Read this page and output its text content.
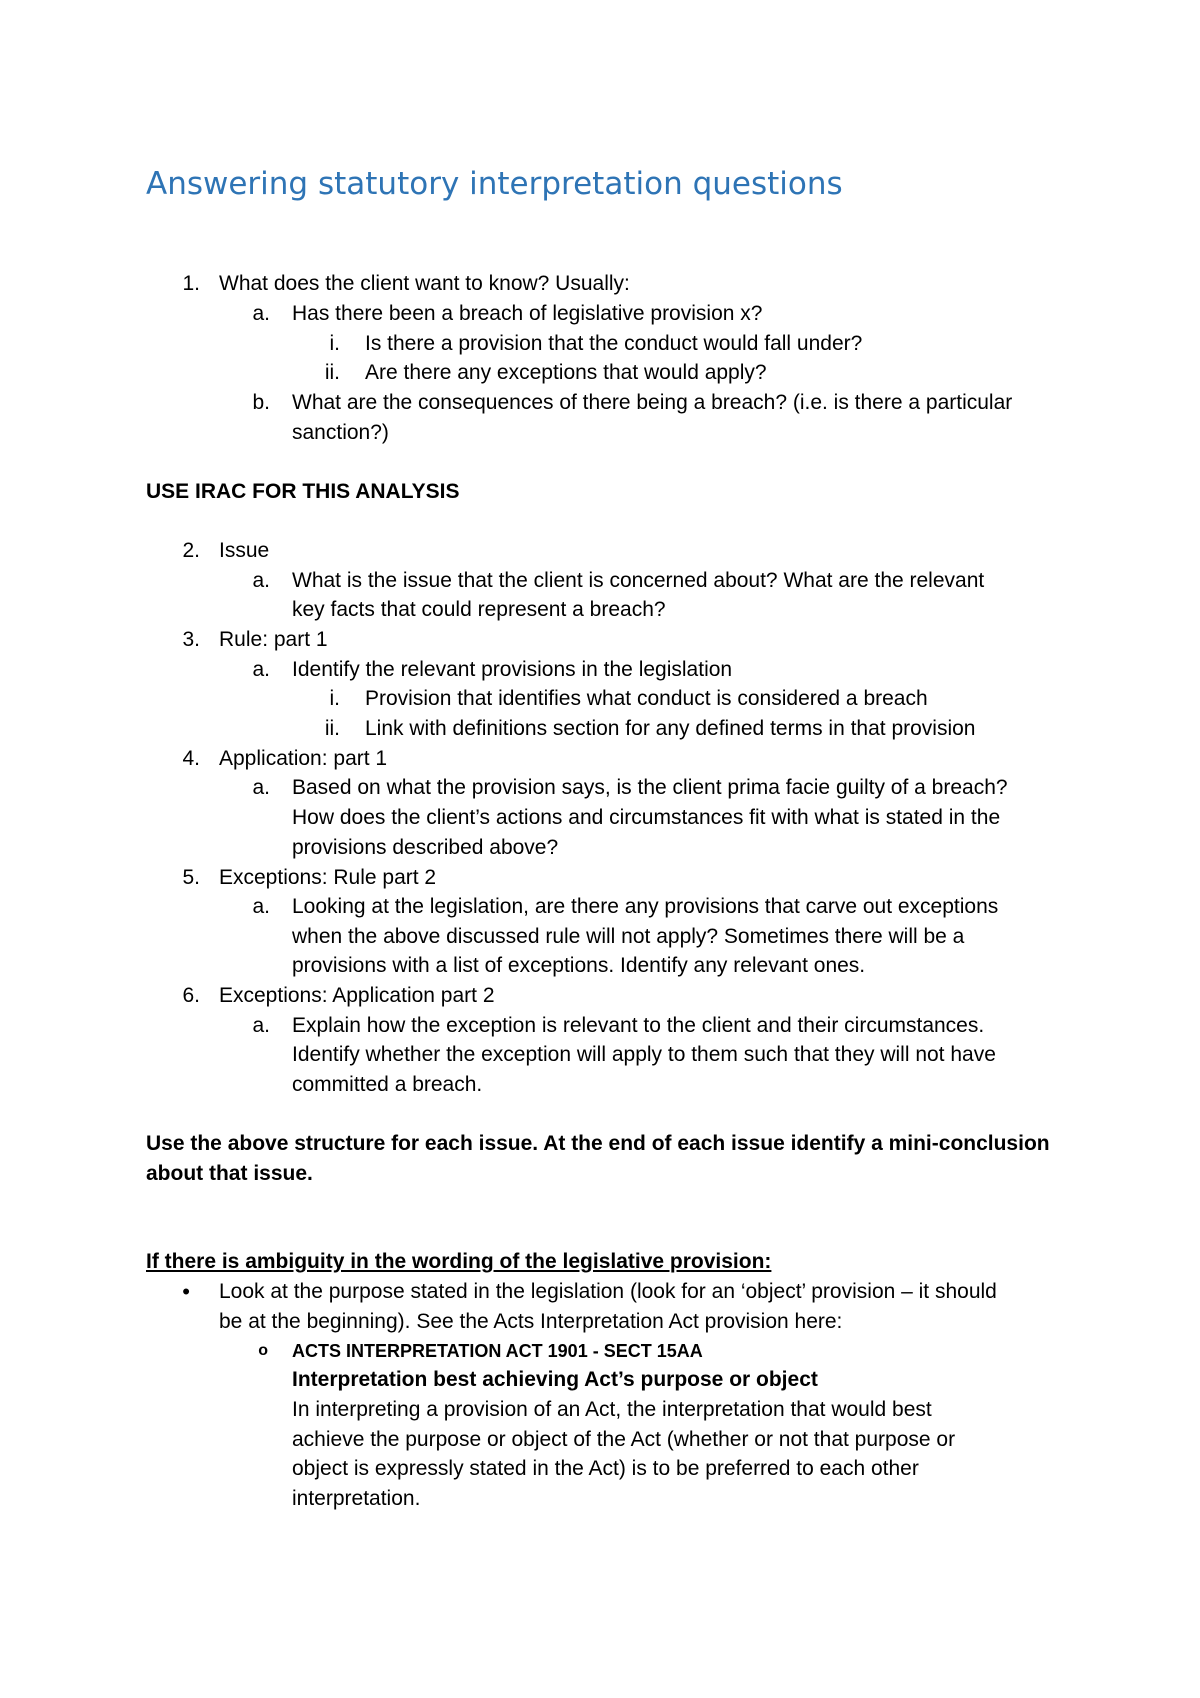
Answering statutory interpretation questions
1. What does the client want to know? Usually:
a. Has there been a breach of legislative provision x?
i. Is there a provision that the conduct would fall under?
ii. Are there any exceptions that would apply?
b. What are the consequences of there being a breach? (i.e. is there a particular
sanction?)
USE IRAC FOR THIS ANALYSIS
2. Issue
a. What is the issue that the client is concerned about? What are the relevant
key facts that could represent a breach?
3. Rule: part 1
a. Identify the relevant provisions in the legislation
i. Provision that identifies what conduct is considered a breach
ii. Link with definitions section for any defined terms in that provision
4. Application: part 1
a. Based on what the provision says, is the client prima facie guilty of a breach?
How does the client’s actions and circumstances fit with what is stated in the
provisions described above?
5. Exceptions: Rule part 2
a. Looking at the legislation, are there any provisions that carve out exceptions
when the above discussed rule will not apply? Sometimes there will be a
provisions with a list of exceptions. Identify any relevant ones.
6. Exceptions: Application part 2
a. Explain how the exception is relevant to the client and their circumstances.
Identify whether the exception will apply to them such that they will not have
committed a breach.
Use the above structure for each issue. At the end of each issue identify a mini-conclusion
about that issue.
If there is ambiguity in the wording of the legislative provision:
• Look at the purpose stated in the legislation (look for an ‘object’ provision – it should
be at the beginning). See the Acts Interpretation Act provision here:
o ACTS INTERPRETATION ACT 1901 - SECT 15AA
Interpretation best achieving Act’s purpose or object
In interpreting a provision of an Act, the interpretation that would best
achieve the purpose or object of the Act (whether or not that purpose or
object is expressly stated in the Act) is to be preferred to each other
interpretation.
